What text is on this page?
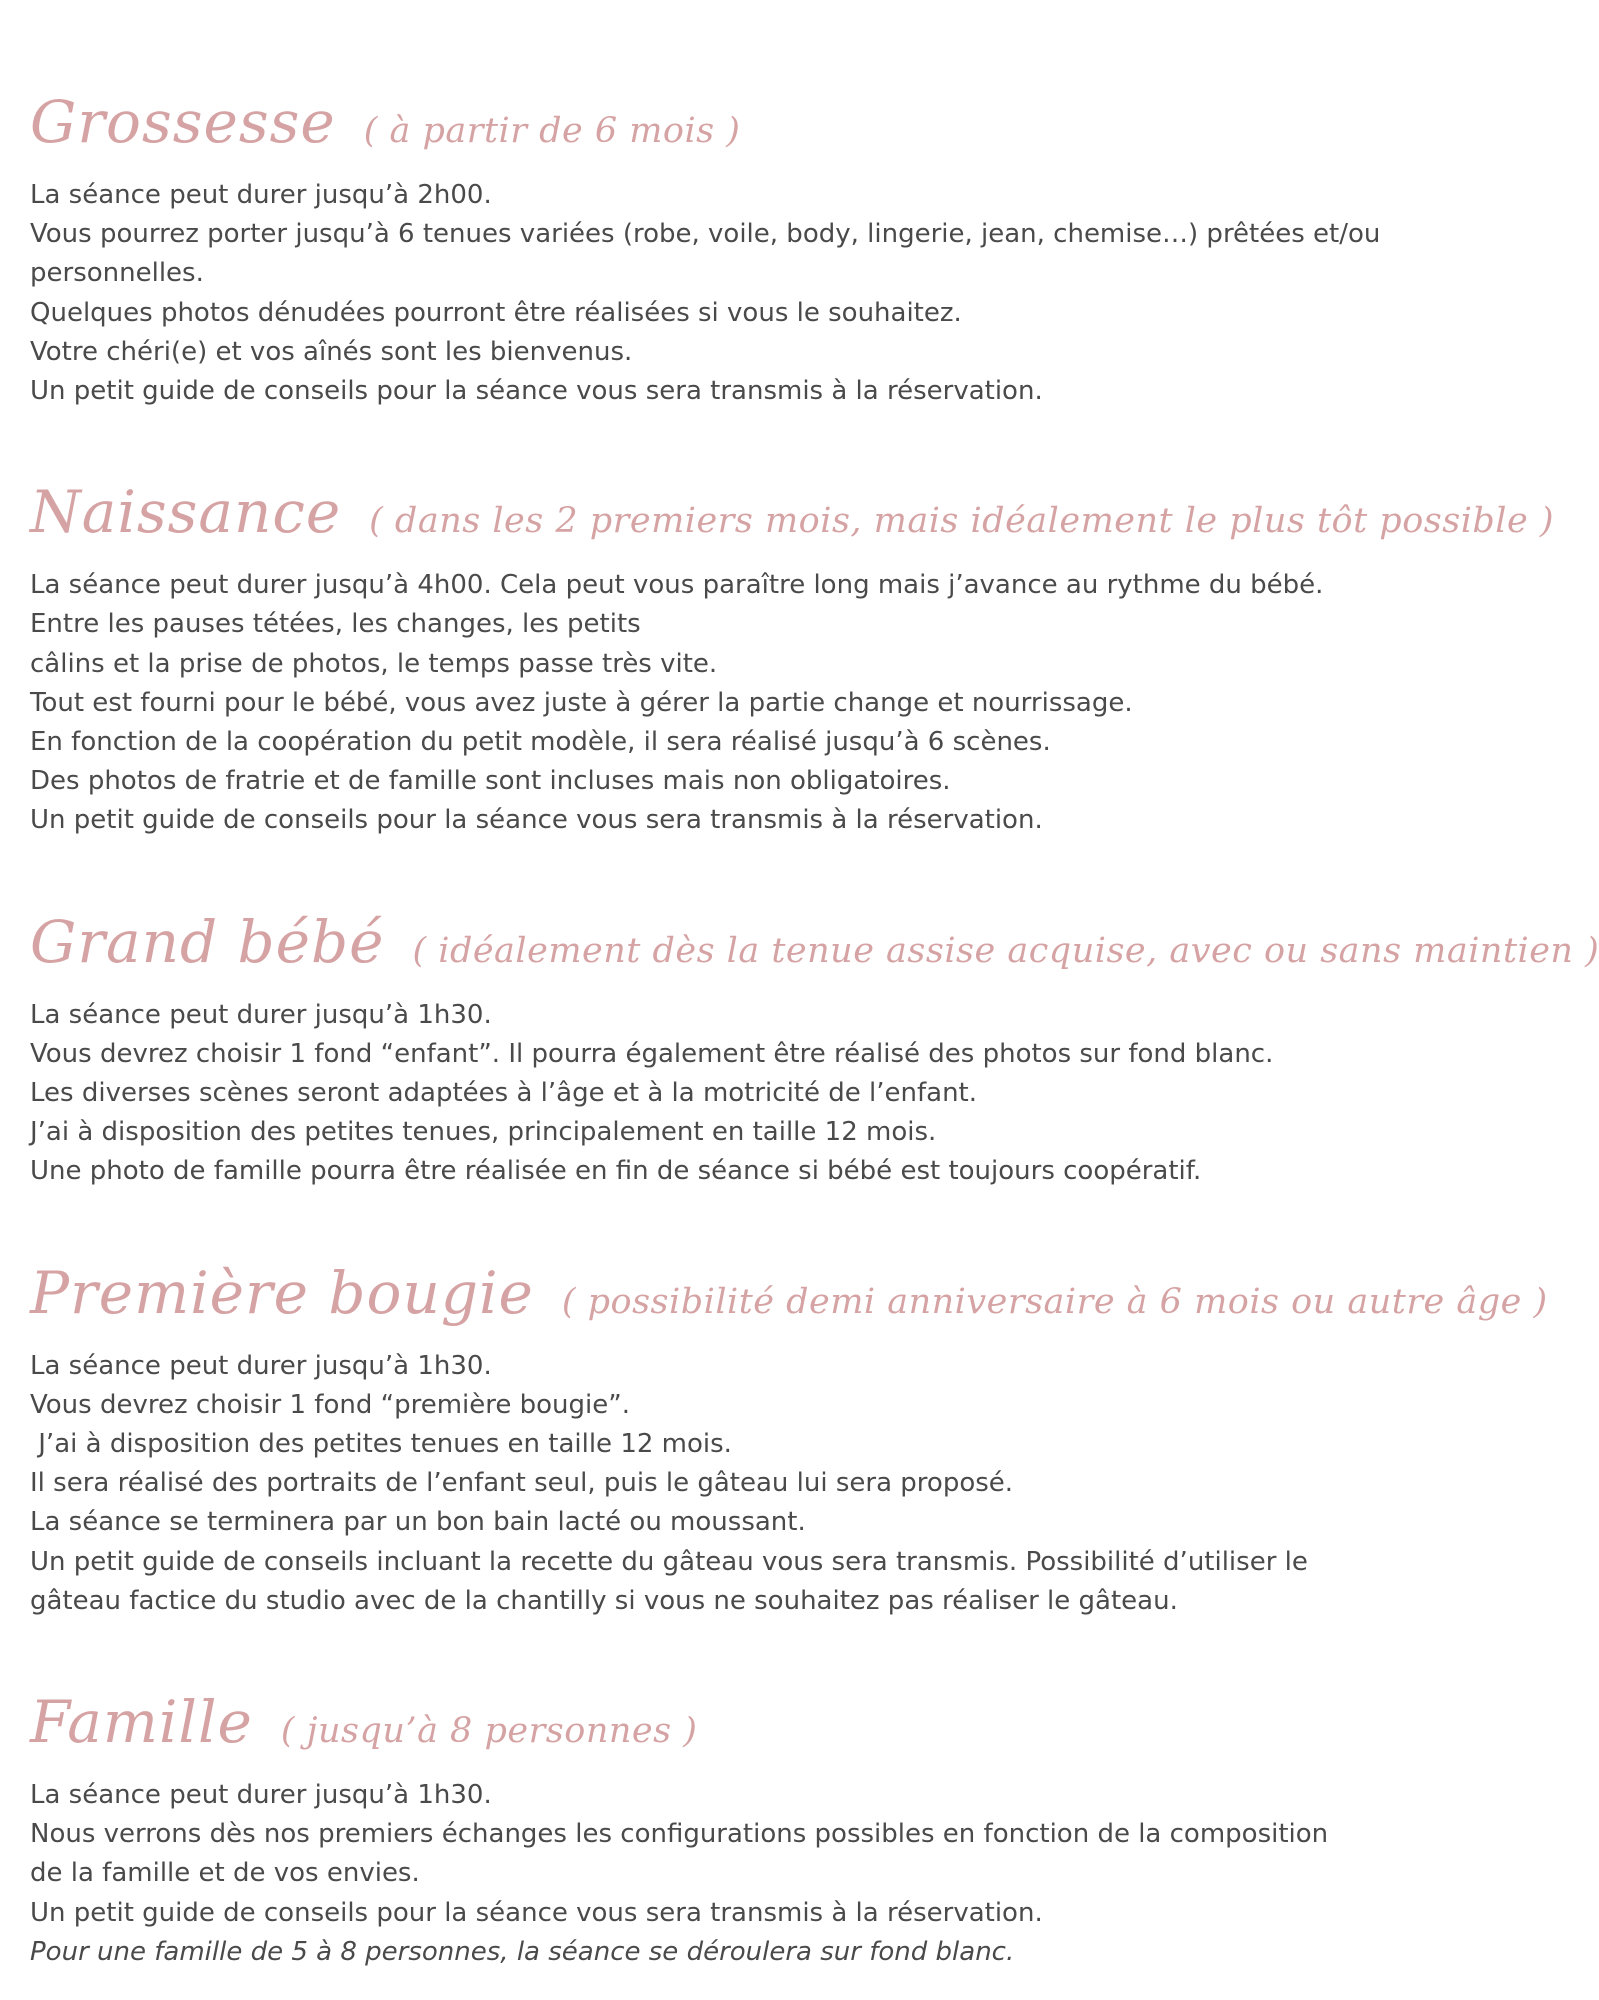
Grossesse ( à partir de 6 mois )
La séance peut durer jusqu’à 2h00.
Vous pourrez porter jusqu’à 6 tenues variées (robe, voile, body, lingerie, jean, chemise…) prêtées et/ou
personnelles.
Quelques photos dénudées pourront être réalisées si vous le souhaitez.
Votre chéri(e) et vos aînés sont les bienvenus.
Un petit guide de conseils pour la séance vous sera transmis à la réservation.
Naissance ( dans les 2 premiers mois, mais idéalement le plus tôt possible )
La séance peut durer jusqu’à 4h00. Cela peut vous paraître long mais j’avance au rythme du bébé.
Entre les pauses tétées, les changes, les petits
câlins et la prise de photos, le temps passe très vite.
Tout est fourni pour le bébé, vous avez juste à gérer la partie change et nourrissage.
En fonction de la coopération du petit modèle, il sera réalisé jusqu’à 6 scènes.
Des photos de fratrie et de famille sont incluses mais non obligatoires.
Un petit guide de conseils pour la séance vous sera transmis à la réservation.
Grand bébé ( idéalement dès la tenue assise acquise, avec ou sans maintien )
La séance peut durer jusqu’à 1h30.
Vous devrez choisir 1 fond “enfant”. Il pourra également être réalisé des photos sur fond blanc.
Les diverses scènes seront adaptées à l’âge et à la motricité de l’enfant.
J’ai à disposition des petites tenues, principalement en taille 12 mois.
Une photo de famille pourra être réalisée en fin de séance si bébé est toujours coopératif.
Première bougie ( possibilité demi anniversaire à 6 mois ou autre âge )
La séance peut durer jusqu’à 1h30.
Vous devrez choisir 1 fond “première bougie”.
J’ai à disposition des petites tenues en taille 12 mois.
Il sera réalisé des portraits de l’enfant seul, puis le gâteau lui sera proposé.
La séance se terminera par un bon bain lacté ou moussant.
Un petit guide de conseils incluant la recette du gâteau vous sera transmis. Possibilité d’utiliser le
gâteau factice du studio avec de la chantilly si vous ne souhaitez pas réaliser le gâteau.
Famille ( jusqu’à 8 personnes )
La séance peut durer jusqu’à 1h30.
Nous verrons dès nos premiers échanges les configurations possibles en fonction de la composition
de la famille et de vos envies.
Un petit guide de conseils pour la séance vous sera transmis à la réservation.
Pour une famille de 5 à 8 personnes, la séance se déroulera sur fond blanc.
